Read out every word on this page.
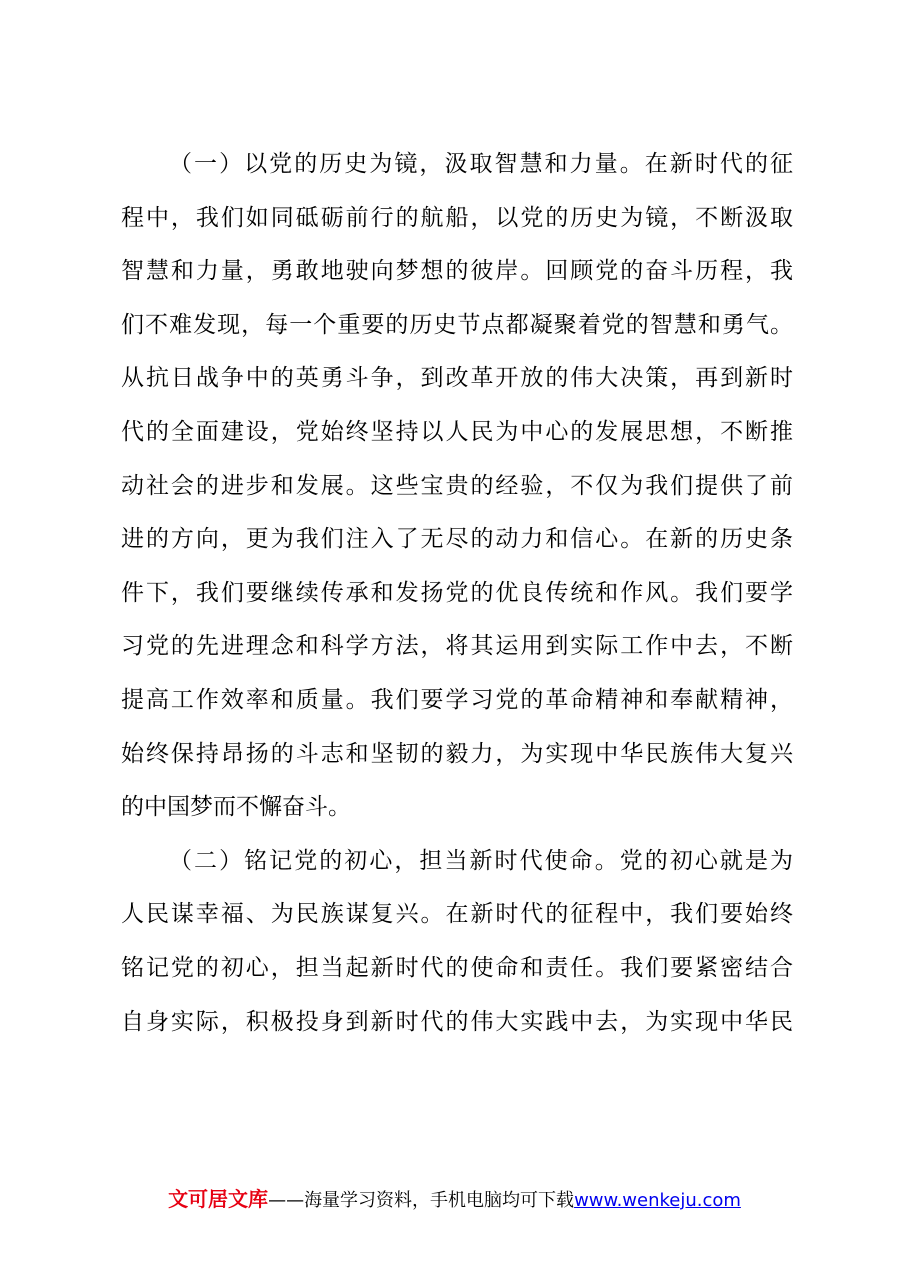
（一）以党的历史为镜，汲取智慧和力量。在新时代的征
程中，我们如同砥砺前行的航船，以党的历史为镜，不断汲取
智慧和力量，勇敢地驶向梦想的彼岸。回顾党的奋斗历程，我
们不难发现，每一个重要的历史节点都凝聚着党的智慧和勇气。
从抗日战争中的英勇斗争，到改革开放的伟大决策，再到新时
代的全面建设，党始终坚持以人民为中心的发展思想，不断推
动社会的进步和发展。这些宝贵的经验，不仅为我们提供了前
进的方向，更为我们注入了无尽的动力和信心。在新的历史条
件下，我们要继续传承和发扬党的优良传统和作风。我们要学
习党的先进理念和科学方法，将其运用到实际工作中去，不断
提高工作效率和质量。我们要学习党的革命精神和奉献精神，
始终保持昂扬的斗志和坚韧的毅力，为实现中华民族伟大复兴
的中国梦而不懈奋斗。
（二）铭记党的初心，担当新时代使命。党的初心就是为
人民谋幸福、为民族谋复兴。在新时代的征程中，我们要始终
铭记党的初心，担当起新时代的使命和责任。我们要紧密结合
自身实际，积极投身到新时代的伟大实践中去，为实现中华民
文可居文库——海量学习资料，手机电脑均可下载www.wenkeju.com
